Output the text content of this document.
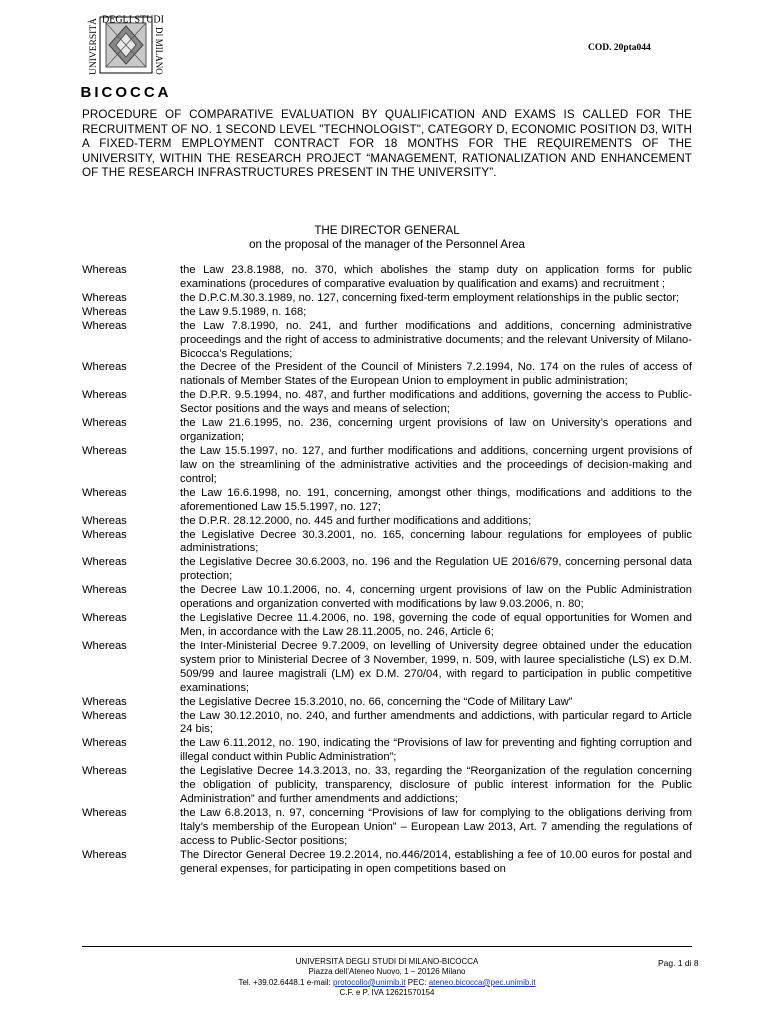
DEGLI STUDI
UNIVERSITÀ	DI MILANO
BICOCCA
COD. 20pta044
PROCEDURE OF COMPARATIVE EVALUATION BY QUALIFICATION AND EXAMS IS CALLED FOR THE RECRUITMENT OF NO. 1 SECOND LEVEL "TECHNOLOGIST", CATEGORY D, ECONOMIC POSITION D3, WITH A FIXED-TERM EMPLOYMENT CONTRACT FOR 18 MONTHS FOR THE REQUIREMENTS OF THE UNIVERSITY, WITHIN THE RESEARCH PROJECT “MANAGEMENT, RATIONALIZATION AND ENHANCEMENT OF THE RESEARCH INFRASTRUCTURES PRESENT IN THE UNIVERSITY”.
THE DIRECTOR GENERAL
on the proposal of the manager of the Personnel Area
Whereas	the Law 23.8.1988, no. 370, which abolishes the stamp duty on application forms for public examinations (procedures of comparative evaluation by qualification and exams) and recruitment ;
Whereas	the D.P.C.M.30.3.1989, no. 127, concerning fixed-term employment relationships in the public sector;
Whereas	the Law 9.5.1989, n. 168;
Whereas	the Law 7.8.1990, no. 241, and further modifications and additions, concerning administrative proceedings and the right of access to administrative documents; and the relevant University of Milano-Bicocca’s Regulations;
Whereas	the Decree of the President of the Council of Ministers 7.2.1994, No. 174 on the rules of access of nationals of Member States of the European Union to employment in public administration;
Whereas	the D.P.R. 9.5.1994, no. 487, and further modifications and additions, governing the access to Public-Sector positions and the ways and means of selection;
Whereas	the Law 21.6.1995, no. 236, concerning urgent provisions of law on University’s operations and organization;
Whereas	the Law 15.5.1997, no. 127, and further modifications and additions, concerning urgent provisions of law on the streamlining of the administrative activities and the proceedings of decision-making and control;
Whereas	the Law 16.6.1998, no. 191, concerning, amongst other things, modifications and additions to the aforementioned Law 15.5.1997, no. 127;
Whereas	the D.P.R. 28.12.2000, no. 445 and further modifications and additions;
Whereas	the Legislative Decree 30.3.2001, no. 165, concerning labour regulations for employees of public administrations;
Whereas	the Legislative Decree 30.6.2003, no. 196 and the Regulation UE 2016/679, concerning personal data protection;
Whereas	the Decree Law 10.1.2006, no. 4, concerning urgent provisions of law on the Public Administration operations and organization converted with modifications by law 9.03.2006, n. 80;
Whereas	the Legislative Decree 11.4.2006, no. 198, governing the code of equal opportunities for Women and Men, in accordance with the Law 28.11.2005, no. 246, Article 6;
Whereas	the Inter-Ministerial Decree 9.7.2009, on levelling of University degree obtained under the education system prior to Ministerial Decree of 3 November, 1999, n. 509, with lauree specialistiche (LS) ex D.M. 509/99 and lauree magistrali (LM) ex D.M. 270/04, with regard to participation in public competitive examinations;
Whereas	the Legislative Decree 15.3.2010, no. 66, concerning the “Code of Military Law”
Whereas	the Law 30.12.2010, no. 240, and further amendments and addictions, with particular regard to Article 24 bis;
Whereas	the Law 6.11.2012, no. 190, indicating the “Provisions of law for preventing and fighting corruption and illegal conduct within Public Administration”;
Whereas	the Legislative Decree 14.3.2013, no. 33, regarding the “Reorganization of the regulation concerning the obligation of publicity, transparency, disclosure of public interest information for the Public Administration” and further amendments and addictions;
Whereas	the Law 6.8.2013, n. 97, concerning “Provisions of law for complying to the obligations deriving from Italy’s membership of the European Union” – European Law 2013, Art. 7 amending the regulations of access to Public-Sector positions;
Whereas	The Director General Decree 19.2.2014, no.446/2014, establishing a fee of 10.00 euros for postal and general expenses, for participating in open competitions based on
UNIVERSITÀ DEGLI STUDI DI MILANO-BICOCCA
Piazza dell’Ateneo Nuovo, 1 – 20126 Milano
Tel. +39.02.6448.1 e-mail: protocollo@unimib.it PEC: ateneo.bicocca@pec.unimib.it
C.F. e P. IVA 12621570154
Pag. 1 di 8
